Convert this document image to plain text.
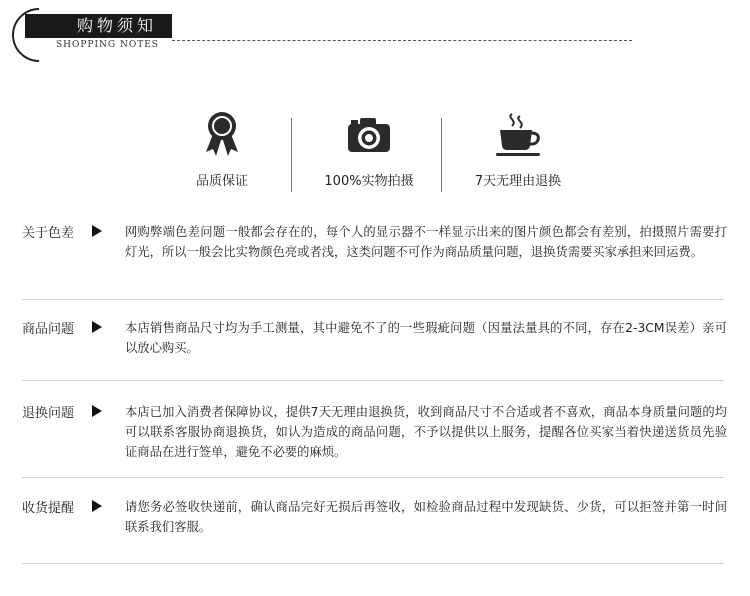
购物须知
SHOPPING NOTES
品质保证	100%实物拍摄	7天无理由退换
关于色差	网购弊端色差问题一般都会存在的，每个人的显示器不一样显示出来的图片颜色都会有差别，拍摄照片需要打灯光，所以一般会比实物颜色亮或者浅，这类问题不可作为商品质量问题，退换货需要买家承担来回运费。
商品问题	本店销售商品尺寸均为手工测量，其中避免不了的一些瑕疵问题（因量法量具的不同，存在2-3CM误差）亲可以放心购买。
退换问题	本店已加入消费者保障协议，提供7天无理由退换货，收到商品尺寸不合适或者不喜欢，商品本身质量问题的均可以联系客服协商退换货，如认为造成的商品问题，不予以提供以上服务，提醒各位买家当着快递送货员先验证商品在进行签单，避免不必要的麻烦。
收货提醒	请您务必签收快递前，确认商品完好无损后再签收，如检验商品过程中发现缺货、少货，可以拒签并第一时间联系我们客服。
